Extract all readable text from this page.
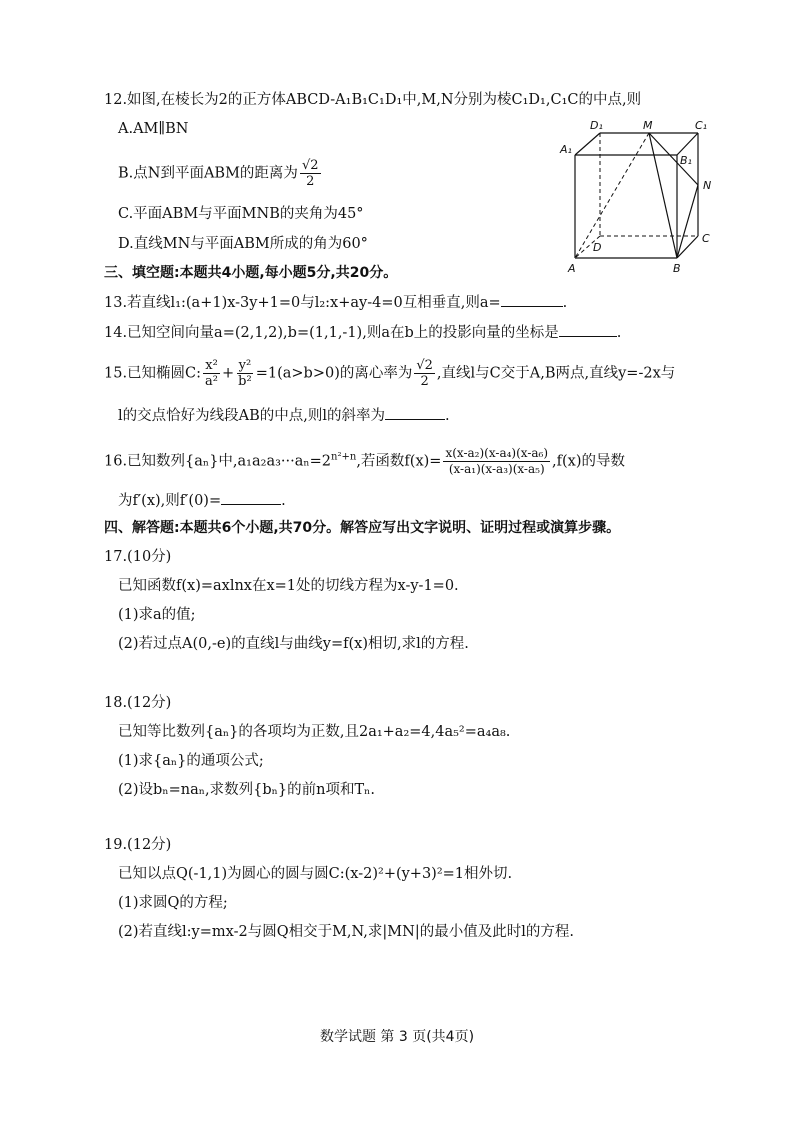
12.如图,在棱长为2的正方体ABCD-A₁B₁C₁D₁中,M,N分别为棱C₁D₁,C₁C的中点,则
A.AM∥BN
B.点N到平面ABM的距离为 $\frac{√2}{2}$
C.平面ABM与平面MNB的夹角为45°
D.直线MN与平面ABM所成的角为60°
A₁
D₁	M	C₁
B₁
N
A
D
B
C
三、填空题:本题共4小题,每小题5分,共20分。
13.若直线l₁:(a+1)x-3y+1=0与l₂:x+ay-4=0互相垂直,则a=	.
14.已知空间向量a=(2,1,2),b=(1,1,-1),则a在b上的投影向量的坐标是	.
15.已知椭圆C: $\frac{\text{x²}}{\text{a²}} + \frac{\text{y²}}{\text{b²}} =1(a>b>0)$的离心率为 $\frac{√2}{2}$ ,直线l与C交于A,B两点,直线y=-2x与
l的交点恰好为线段AB的中点,则l的斜率为	.
16.已知数列{aₙ}中$,a_1a_2a_3\cdot\cdot\cdot a_n=2^{n^2+n}$,若函数$f(x)= \frac{\text{x(x-a₂)(x-a₄)(x-a₆)}}{\text{(x-a₁)(x-a₃)(x-a₅)}} ,f(x)$的导数
为f′(x),则f′(0)=	.
四、解答题:本题共6个小题,共70分。解答应写出文字说明、证明过程或演算步骤。
17.(10分)
已知函数f(x)=axlnx在x=1处的切线方程为x-y-1=0.
(1)求a的值;
(2)若过点A(0,-e)的直线l与曲线y=f(x)相切,求l的方程.
18.(12分)
已知等比数列{aₙ}的各项均为正数,且2a₁+a₂=4,4a₅²=a₄a₈.
(1)求{aₙ}的通项公式;
(2)设bₙ=naₙ,求数列{bₙ}的前n项和Tₙ.
19.(12分)
已知以点Q(-1,1)为圆心的圆与圆C:(x-2)²+(y+3)²=1相外切.
(1)求圆Q的方程;
(2)若直线l:y=mx-2与圆Q相交于M,N,求|MN|的最小值及此时l的方程.
数学试题 第 3 页(共4页)
